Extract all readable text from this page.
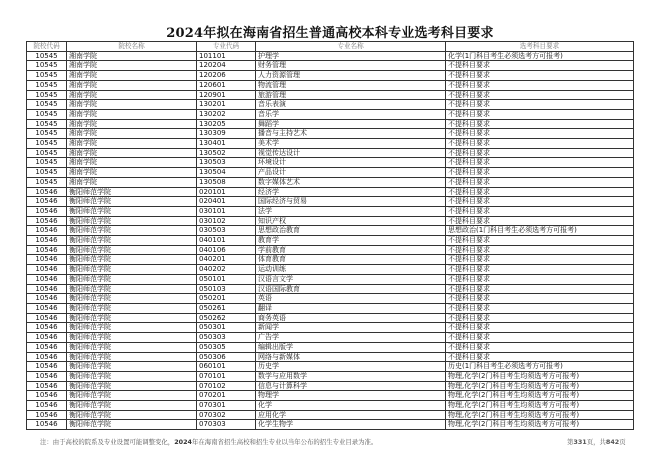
2024年拟在海南省招生普通高校本科专业选考科目要求
院校代码	院校名称	专业代码	专业名称	选考科目要求
10545	湘南学院	101101	护理学	化学(1门科目考生必须选考方可报考)
10545	湘南学院	120204	财务管理	不提科目要求
10545	湘南学院	120206	人力资源管理	不提科目要求
10545	湘南学院	120601	物流管理	不提科目要求
10545	湘南学院	120901	旅游管理	不提科目要求
10545	湘南学院	130201	音乐表演	不提科目要求
10545	湘南学院	130202	音乐学	不提科目要求
10545	湘南学院	130205	舞蹈学	不提科目要求
10545	湘南学院	130309	播音与主持艺术	不提科目要求
10545	湘南学院	130401	美术学	不提科目要求
10545	湘南学院	130502	视觉传达设计	不提科目要求
10545	湘南学院	130503	环境设计	不提科目要求
10545	湘南学院	130504	产品设计	不提科目要求
10545	湘南学院	130508	数字媒体艺术	不提科目要求
10546	衡阳师范学院	020101	经济学	不提科目要求
10546	衡阳师范学院	020401	国际经济与贸易	不提科目要求
10546	衡阳师范学院	030101	法学	不提科目要求
10546	衡阳师范学院	030102	知识产权	不提科目要求
10546	衡阳师范学院	030503	思想政治教育	思想政治(1门科目考生必须选考方可报考)
10546	衡阳师范学院	040101	教育学	不提科目要求
10546	衡阳师范学院	040106	学前教育	不提科目要求
10546	衡阳师范学院	040201	体育教育	不提科目要求
10546	衡阳师范学院	040202	运动训练	不提科目要求
10546	衡阳师范学院	050101	汉语言文学	不提科目要求
10546	衡阳师范学院	050103	汉语国际教育	不提科目要求
10546	衡阳师范学院	050201	英语	不提科目要求
10546	衡阳师范学院	050261	翻译	不提科目要求
10546	衡阳师范学院	050262	商务英语	不提科目要求
10546	衡阳师范学院	050301	新闻学	不提科目要求
10546	衡阳师范学院	050303	广告学	不提科目要求
10546	衡阳师范学院	050305	编辑出版学	不提科目要求
10546	衡阳师范学院	050306	网络与新媒体	不提科目要求
10546	衡阳师范学院	060101	历史学	历史(1门科目考生必须选考方可报考)
10546	衡阳师范学院	070101	数学与应用数学	物理,化学(2门科目考生均须选考方可报考)
10546	衡阳师范学院	070102	信息与计算科学	物理,化学(2门科目考生均须选考方可报考)
10546	衡阳师范学院	070201	物理学	物理,化学(2门科目考生均须选考方可报考)
10546	衡阳师范学院	070301	化学	物理,化学(2门科目考生均须选考方可报考)
10546	衡阳师范学院	070302	应用化学	物理,化学(2门科目考生均须选考方可报考)
10546	衡阳师范学院	070303	化学生物学	物理,化学(2门科目考生均须选考方可报考)
注：由于高校的院系及专业设置可能调整变化，2024年在海南省招生高校和招生专业以当年公布的招生专业目录为准。	第331页，共842页
